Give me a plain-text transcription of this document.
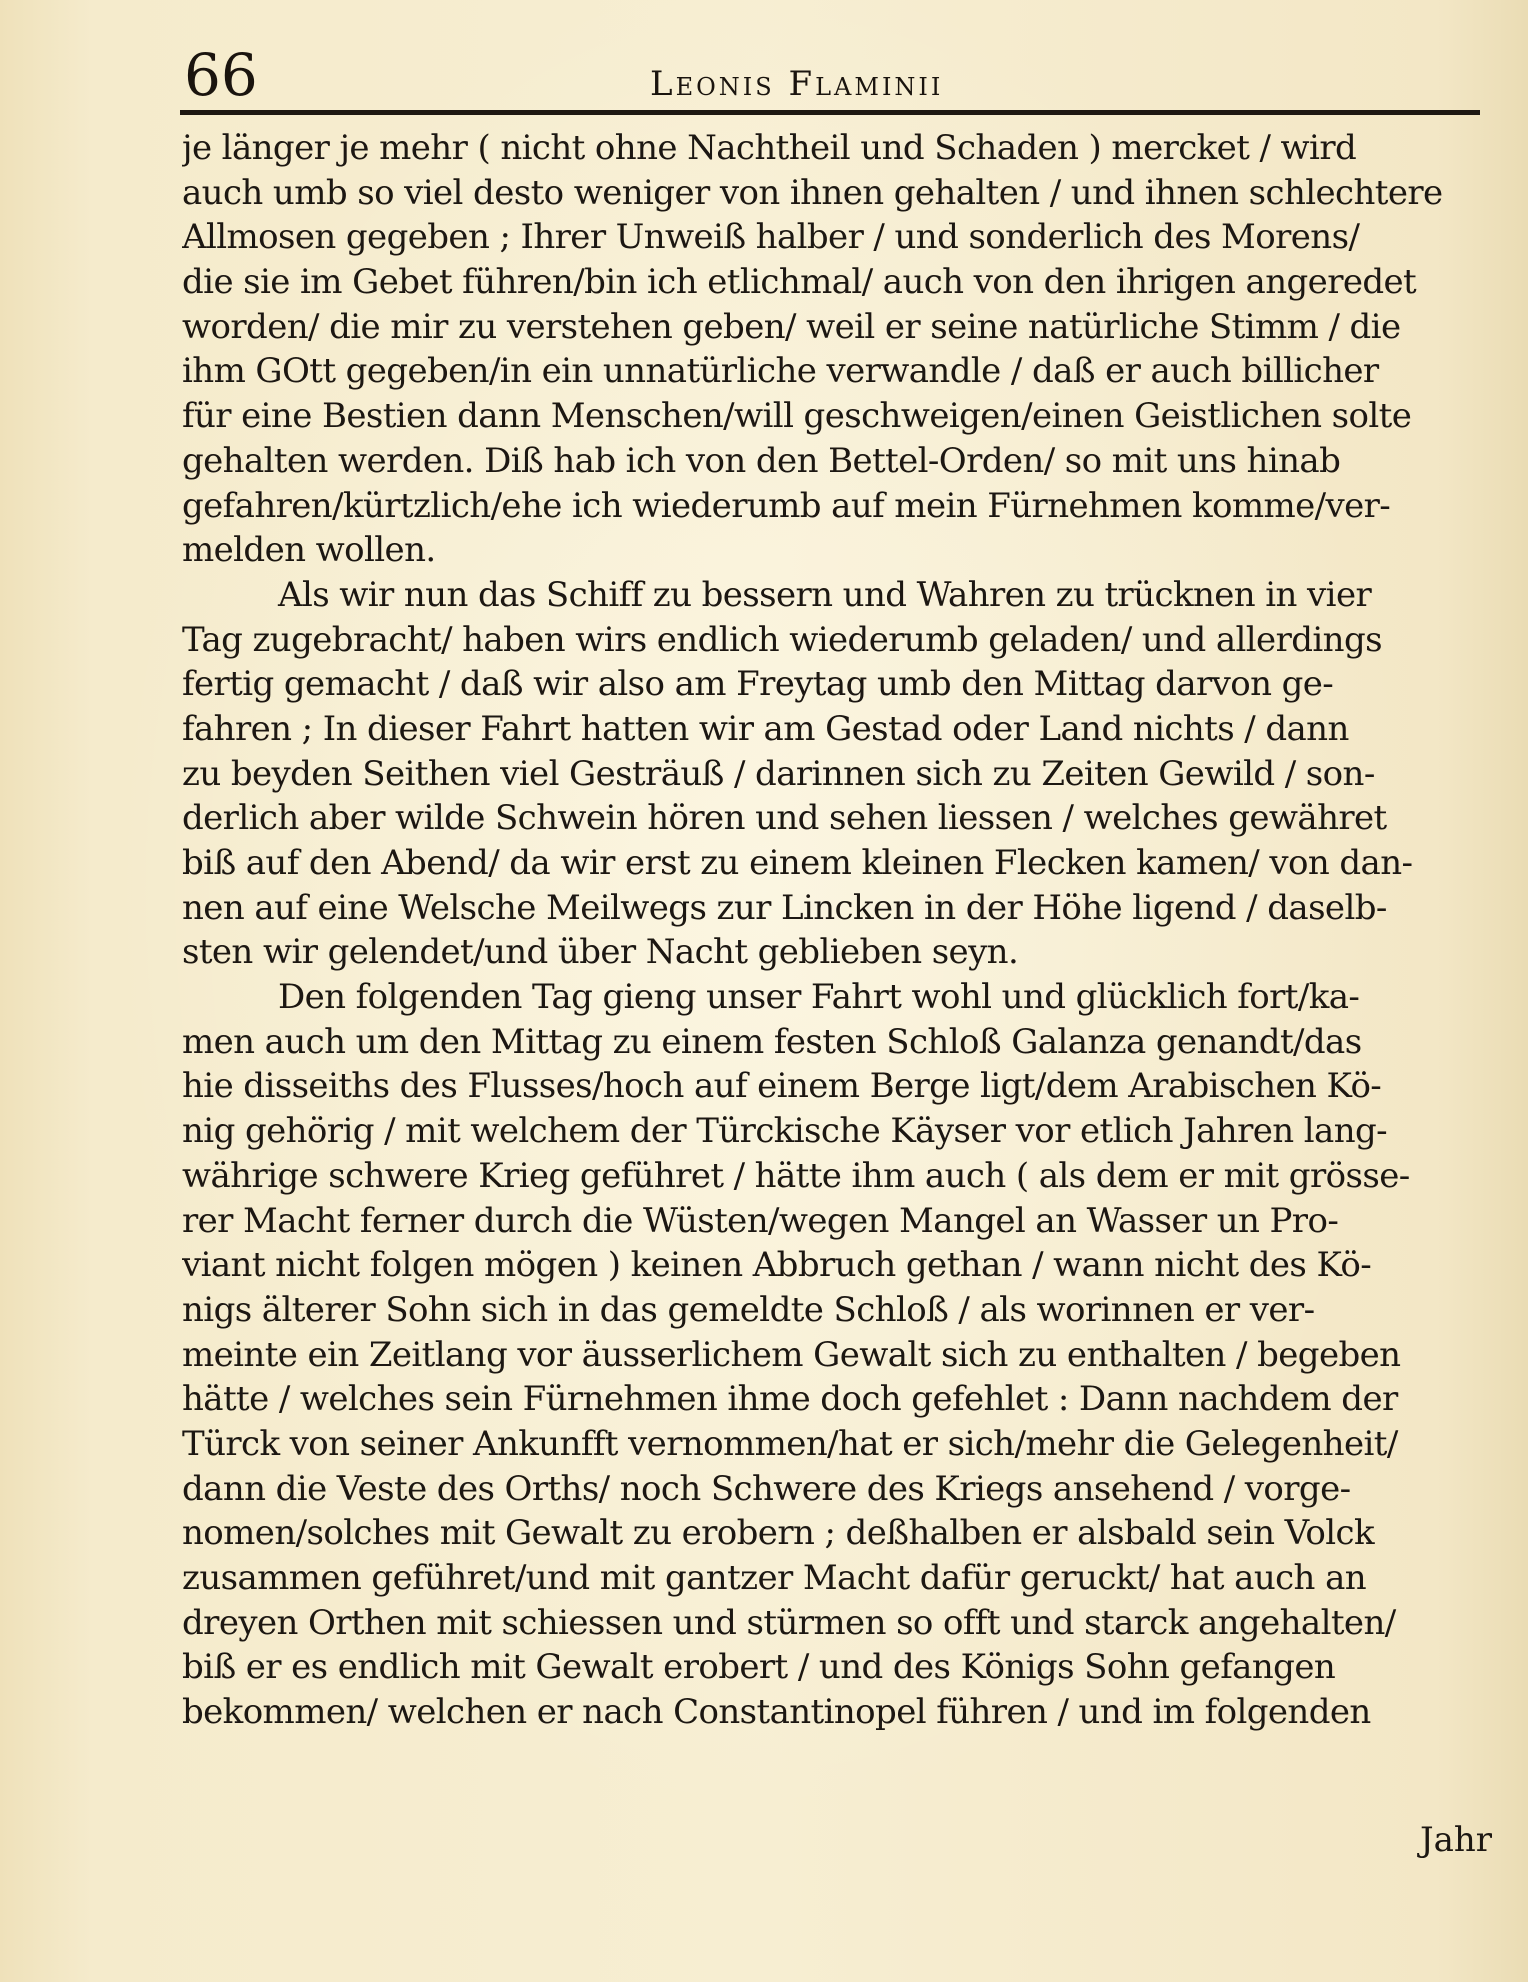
66	Leonis Flaminii
je länger je mehr ( nicht ohne Nachtheil und Schaden ) mercket / wird
auch umb so viel desto weniger von ihnen gehalten / und ihnen schlechtere
Allmosen gegeben ; Ihrer Unweiß halber / und sonderlich des Morens/
die sie im Gebet führen/bin ich etlichmal/ auch von den ihrigen angeredet
worden/ die mir zu verstehen geben/ weil er seine natürliche Stimm / die
ihm GOtt gegeben/in ein unnatürliche verwandle / daß er auch billicher
für eine Bestien dann Menschen/will geschweigen/einen Geistlichen solte
gehalten werden. Diß hab ich von den Bettel-Orden/ so mit uns hinab
gefahren/kürtzlich/ehe ich wiederumb auf mein Fürnehmen komme/ver-
melden wollen.
Als wir nun das Schiff zu bessern und Wahren zu trücknen in vier
Tag zugebracht/ haben wirs endlich wiederumb geladen/ und allerdings
fertig gemacht / daß wir also am Freytag umb den Mittag darvon ge-
fahren ; In dieser Fahrt hatten wir am Gestad oder Land nichts / dann
zu beyden Seithen viel Gesträuß / darinnen sich zu Zeiten Gewild / son-
derlich aber wilde Schwein hören und sehen liessen / welches gewähret
biß auf den Abend/ da wir erst zu einem kleinen Flecken kamen/ von dan-
nen auf eine Welsche Meilwegs zur Lincken in der Höhe ligend / daselb-
sten wir gelendet/und über Nacht geblieben seyn.
Den folgenden Tag gieng unser Fahrt wohl und glücklich fort/ka-
men auch um den Mittag zu einem festen Schloß Galanza genandt/das
hie disseiths des Flusses/hoch auf einem Berge ligt/dem Arabischen Kö-
nig gehörig / mit welchem der Türckische Käyser vor etlich Jahren lang-
währige schwere Krieg geführet / hätte ihm auch ( als dem er mit grösse-
rer Macht ferner durch die Wüsten/wegen Mangel an Wasser un Pro-
viant nicht folgen mögen ) keinen Abbruch gethan / wann nicht des Kö-
nigs älterer Sohn sich in das gemeldte Schloß / als worinnen er ver-
meinte ein Zeitlang vor äusserlichem Gewalt sich zu enthalten / begeben
hätte / welches sein Fürnehmen ihme doch gefehlet : Dann nachdem der
Türck von seiner Ankunfft vernommen/hat er sich/mehr die Gelegenheit/
dann die Veste des Orths/ noch Schwere des Kriegs ansehend / vorge-
nomen/solches mit Gewalt zu erobern ; deßhalben er alsbald sein Volck
zusammen geführet/und mit gantzer Macht dafür geruckt/ hat auch an
dreyen Orthen mit schiessen und stürmen so offt und starck angehalten/
biß er es endlich mit Gewalt erobert / und des Königs Sohn gefangen
bekommen/ welchen er nach Constantinopel führen / und im folgenden
Jahr
